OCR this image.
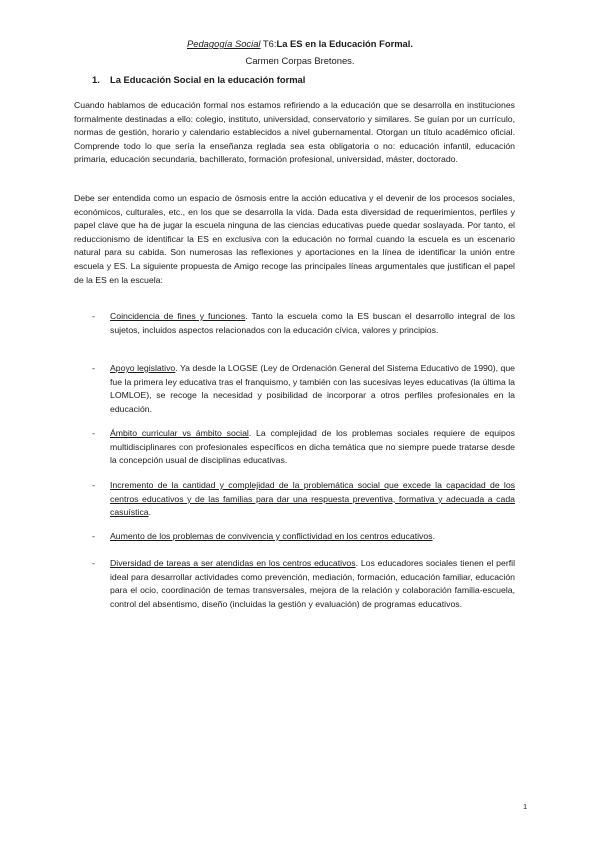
Pedagogía Social T6:La ES en la Educación Formal.
Carmen Corpas Bretones.
1. La Educación Social en la educación formal

Cuando hablamos de educación formal nos estamos refiriendo a la educación que se desarrolla en instituciones formalmente destinadas a ello: colegio, instituto, universidad, conservatorio y similares. Se guían por un currículo, normas de gestión, horario y calendario establecidos a nivel gubernamental. Otorgan un título académico oficial. Comprende todo lo que sería la enseñanza reglada sea esta obligatoria o no: educación infantil, educación primaria, educación secundaria, bachillerato, formación profesional, universidad, máster, doctorado.

Debe ser entendida como un espacio de ósmosis entre la acción educativa y el devenir de los procesos sociales, económicos, culturales, etc., en los que se desarrolla la vida. Dada esta diversidad de requerimientos, perfiles y papel clave que ha de jugar la escuela ninguna de las ciencias educativas puede quedar soslayada. Por tanto, el reduccionismo de identificar la ES en exclusiva con la educación no formal cuando la escuela es un escenario natural para su cabida. Son numerosas las reflexiones y aportaciones en la línea de identificar la unión entre escuela y ES. La siguiente propuesta de Amigo recoge las principales líneas argumentales que justifican el papel de la ES en la escuela:

- Coincidencia de fines y funciones. Tanto la escuela como la ES buscan el desarrollo integral de los sujetos, incluidos aspectos relacionados con la educación cívica, valores y principios.
- Apoyo legislativo. Ya desde la LOGSE (Ley de Ordenación General del Sistema Educativo de 1990), que fue la primera ley educativa tras el franquismo, y también con las sucesivas leyes educativas (la última la LOMLOE), se recoge la necesidad y posibilidad de incorporar a otros perfiles profesionales en la educación.
- Ámbito curricular vs ámbito social. La complejidad de los problemas sociales requiere de equipos multidisciplinares con profesionales específicos en dicha temática que no siempre puede tratarse desde la concepción usual de disciplinas educativas.
- Incremento de la cantidad y complejidad de la problemática social que excede la capacidad de los centros educativos y de las familias para dar una respuesta preventiva, formativa y adecuada a cada casuística.
- Aumento de los problemas de convivencia y conflictividad en los centros educativos.
- Diversidad de tareas a ser atendidas en los centros educativos. Los educadores sociales tienen el perfil ideal para desarrollar actividades como prevención, mediación, formación, educación familiar, educación para el ocio, coordinación de temas transversales, mejora de la relación y colaboración familia-escuela, control del absentismo, diseño (incluidas la gestión y evaluación) de programas educativos.
1
